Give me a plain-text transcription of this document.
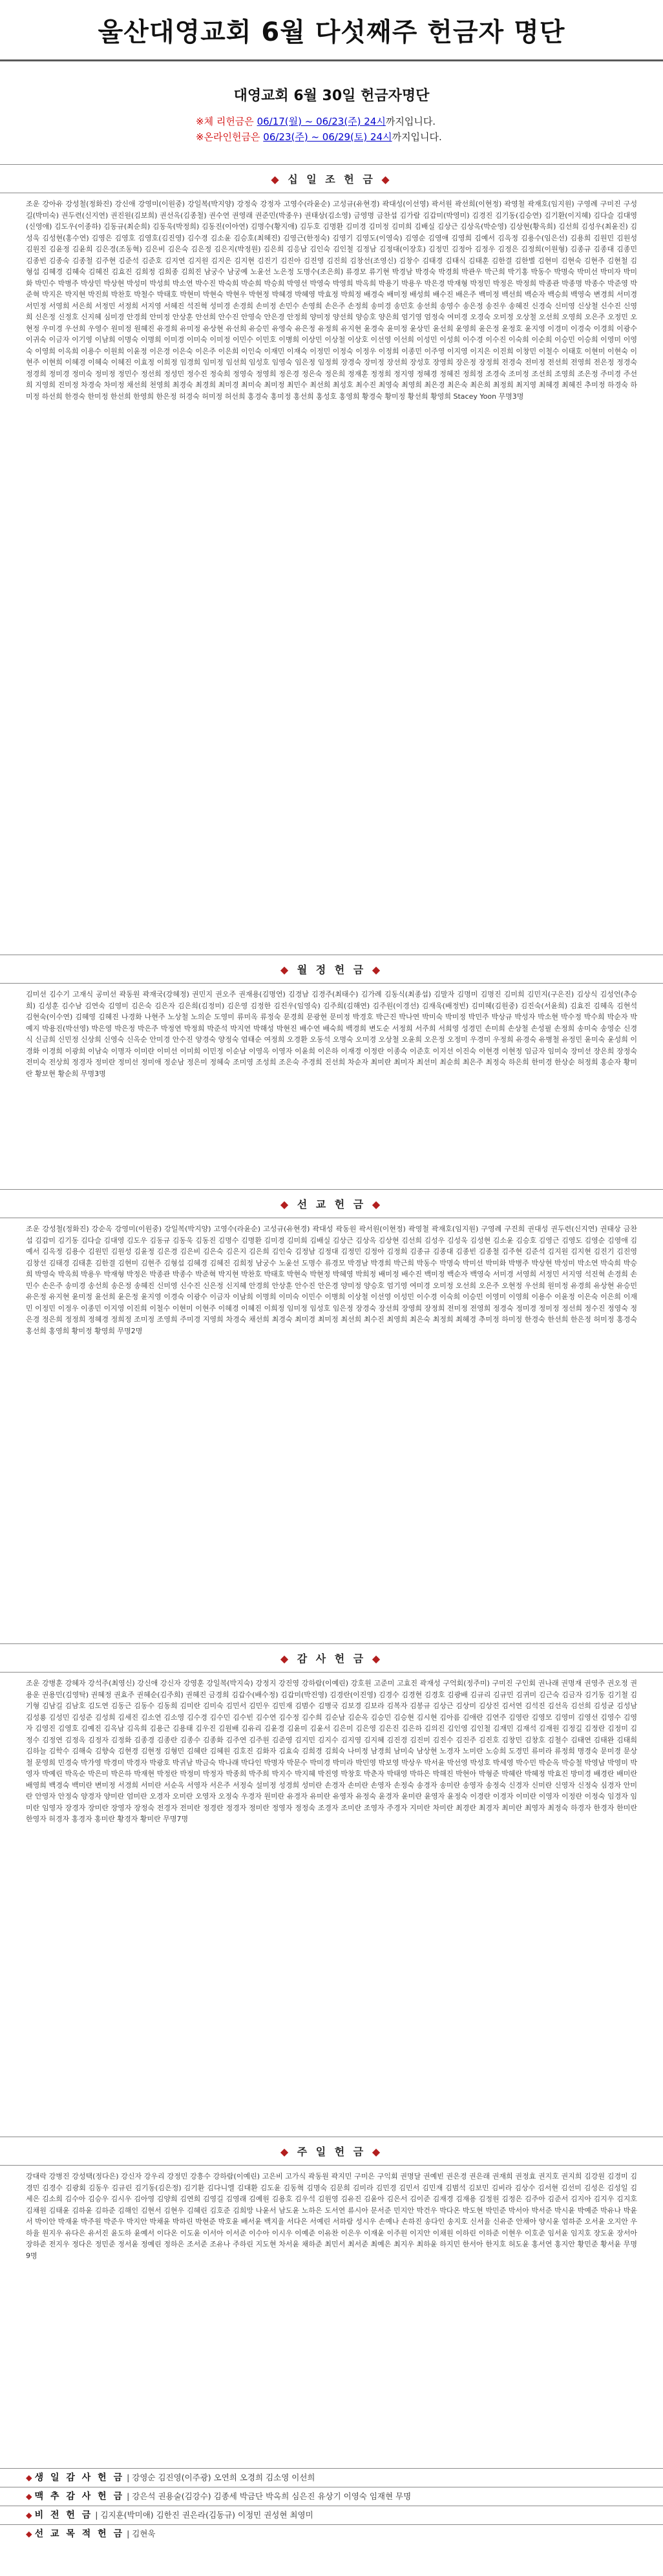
울산대영교회 6월 다섯째주 헌금자 명단
대영교회 6월 30일 헌금자명단
※체 리헌금은 06/17(월) ~ 06/23(주) 24시까지입니다.
※온라인헌금은 06/23(주) ~ 06/29(토) 24시까지입니다.
◆ 십 일 조 헌 금 ◆
조운 강아유 강성철(정화진) 강신애 강영미(이원중) 강일복(박지양) 강정숙 강정자 고영수(라윤순) 고성규(유현경) 곽대성(이선영) 곽서원 곽선희(이현정) 곽영철 곽재호(임지원) 구영례 구미진 구성길(박미숙) 권두련(신지연) 권진원(김보희) 권선옥(김종철) 권수연 권영래 권준민(박종우) 권태상(김소영) 금영명 금찬섭 김가람 김갑미(박영미) 김경진 김기동(김승연) 김기환(이지혜) 김다슬 김대영(신영애) 김도우(이종하) 김동규(최순희) 김동욱(박정희) 김동진(이아연) 김명수(황지애) 김두호 김명환 김미경 김미정 김미희 김배실 김상근 김상옥(박순영) 김상현(황옥희) 김선희 김성우(최윤진) 김성욱 김성현(홍수연) 김영은 김영호 김영호(김진영) 김수경 김소윤 김승호(최혜진) 김영근(한정숙) 김영기 김영도(이영숙) 김영순 김영애 김영희 김예서 김옥정 김용수(임은선) 김용희 김원민 김원성 김원진 김윤정 김윤희 김은경(조동혁) 김은비 김은숙 김은정 김은지(박정원) 김은희 김응남 김인숙 김인철 김정남 김정대(이장호) 김정민 김정아 김정우 김정은 김정희(이원형) 김종규 김종대 김종민 김종빈 김종숙 김종철 김주현 김준석 김준호 김지연 김지원 김지은 김지현 김진기 김진아 김진영 김진희 김창선(조영신) 김창수 김태경 김태식 김태훈 김한결 김한별 김현미 김현숙 김현주 김현철 김형섭 김혜경 김혜숙 김혜진 김효진 김희정 김희종 김희진 남궁수 남궁예 노윤선 노은정 도명수(조은희) 류경모 류기현 박경남 박경숙 박경희 박관우 박근희 박기홍 박동수 박명숙 박미선 박미자 박미화 박민수 박병주 박상민 박상현 박성미 박성희 박소연 박수진 박숙희 박순희 박승희 박영선 박영숙 박영희 박옥희 박용기 박용우 박은경 박재형 박정민 박정은 박정희 박종관 박종명 박종수 박준영 박준혁 박지은 박지현 박진희 박찬호 박철수 박태호 박현미 박현숙 박현우 박현정 박혜경 박혜영 박효정 박희정 배경숙 배미정 배성희 배수진 배은주 백미정 백선희 백순자 백승희 백영숙 변경희 서미경 서민정 서영희 서은희 서정민 서정희 서지영 서혜진 석진혁 성미경 손경희 손미정 손민수 손영희 손은주 손정희 송미경 송민호 송선희 송영수 송은정 송진우 송혜진 신경숙 신미영 신상철 신수진 신영희 신은정 신정호 신지혜 심미경 안경희 안미정 안상훈 안선희 안수진 안영숙 안은경 안정희 양미정 양선희 양승호 양은희 엄기영 엄정숙 여미경 오경숙 오미정 오상철 오선희 오영희 오은주 오정민 오현정 우미경 우선희 우영수 원미정 원혜진 유경희 유미정 유상현 유선희 유승민 유영숙 유은정 유정희 유지현 윤경숙 윤미정 윤상민 윤선희 윤영희 윤은정 윤정호 윤지영 이경미 이경숙 이경희 이광수 이귀숙 이금자 이기영 이남희 이명숙 이명희 이미경 이미숙 이미정 이민수 이민호 이병희 이상민 이상철 이상호 이선영 이선희 이성민 이성희 이수경 이수진 이숙희 이순희 이승민 이승희 이영미 이영숙 이영희 이옥희 이용수 이원희 이윤정 이은경 이은숙 이은주 이은희 이인숙 이재민 이재숙 이정민 이정숙 이정우 이정희 이종민 이주영 이지영 이지은 이진희 이창민 이철수 이태호 이현미 이현숙 이현주 이현희 이혜경 이혜숙 이혜진 이효정 이희정 임경희 임미정 임선희 임성호 임영숙 임은정 임정희 장경숙 장미정 장선희 장성호 장영희 장은정 장정희 전경숙 전미정 전선희 전영희 전은정 정경숙 정경희 정미경 정미숙 정미정 정민수 정선희 정성민 정수진 정숙희 정영숙 정영희 정은경 정은숙 정은희 정재훈 정정희 정지영 정혜경 정혜진 정희정 조경숙 조미정 조선희 조영희 조은정 주미경 주선희 지영희 진미정 차경숙 차미정 채선희 천영희 최경숙 최경희 최미경 최미숙 최미정 최민수 최선희 최성호 최수진 최영숙 최영희 최은경 최은숙 최은희 최정희 최지영 최혜경 최혜진 추미정 하경숙 하미정 하선희 한경숙 한미정 한선희 한영희 한은정 허경숙 허미정 허선희 홍경숙 홍미정 홍선희 홍성호 홍영희 황경숙 황미정 황선희 황영희 Stacey Yoon 무명3명
◆ 월 정 헌 금 ◆
김미선 김수기 고재식 공미선 곽동원 곽재국(강혜정) 권민지 권오주 권재용(김명연) 김경남 김경주(최태수) 김가례 김동식(최종섭) 김말자 김명미 김명진 김미희 김민지(구은진) 김상식 김성언(추승희) 김성훈 김수남 김연숙 김영미 김은숙 김은자 김은희(김정미) 김은영 김정한 김진우(임영숙) 김주희(김해연) 김주원(이경선) 김재욱(배정빈) 김미혜(김원중) 김진숙(서윤희) 김효진 김혜옥 김현석 김현숙(이수연) 김혜영 김혜진 나경화 나현주 노상철 노의순 도영미 류미옥 류정숙 문경희 문광현 문미정 박경호 박근진 박나연 박미숙 박미정 박민주 박상규 박성자 박소현 박수정 박수희 박순자 박예지 박용진(박선영) 박은영 박은정 박은주 박정연 박정희 박준석 박지연 박해성 박현진 배수연 배숙희 백경희 변도순 서정희 서주희 서희영 성경민 손미희 손상철 손성필 손정희 송미숙 송영순 신경식 신금희 신민정 신상희 신영숙 신옥순 안미경 안수진 양경숙 양정숙 엄태순 여정희 오경환 오동석 오명숙 오미경 오상철 오윤희 오은정 오정미 우경미 우정희 유경숙 유병철 유정민 윤미숙 윤성희 이경화 이경희 이광희 이남숙 이명자 이미란 이미선 이미희 이민정 이순남 이영옥 이영자 이윤희 이은하 이재경 이정란 이종숙 이준호 이지선 이진숙 이현경 이현정 임금자 임미숙 장미선 장은희 장정숙 전미숙 전상희 정경자 정미란 정미선 정미애 정순남 정은미 정혜숙 조미영 조성희 조은숙 주경희 진선희 차순자 최미란 최미자 최선미 최순희 최은주 최정숙 하은희 한미경 한상순 허정희 홍순자 황미란 황보현 황순희 무명3명
◆ 선 교 헌 금 ◆
조운 강성철(정화진) 강순옥 강영미(이원중) 강일복(박지양) 고영수(라윤순) 고성규(유현경) 곽대성 곽동원 곽서원(이현정) 곽영철 곽재호(임지원) 구영례 구진희 권대성 권두련(신지연) 권태상 금찬섭 김갑미 김기동 김다슬 김대영 김도우 김동규 김동욱 김동진 김명수 김명환 김미경 김미희 김배실 김상근 김상옥 김상현 김선희 김성우 김성욱 김성현 김소윤 김승호 김영근 김영도 김영순 김영애 김예서 김옥정 김용수 김원민 김원성 김윤정 김은경 김은비 김은숙 김은지 김은희 김인숙 김정남 김정대 김정민 김정아 김정희 김종규 김종대 김종빈 김종철 김주현 김준석 김지원 김지현 김진기 김진영 김창선 김태경 김태훈 김한결 김현미 김현주 김형섭 김혜경 김혜진 김희정 남궁수 노윤선 도명수 류경모 박경남 박경희 박근희 박동수 박명숙 박미선 박미화 박병주 박상현 박성미 박소연 박숙희 박승희 박영숙 박옥희 박용우 박재형 박정은 박종관 박종수 박준혁 박지현 박찬호 박태호 박현숙 박현정 박혜영 박희정 배미정 배수진 백미정 백순자 백영숙 서미경 서영희 서정민 서지영 석진혁 손경희 손민수 손은주 송미경 송선희 송은정 송혜진 신미영 신수진 신은정 신지혜 안경희 안상훈 안수진 안은경 양미정 양승호 엄기영 여미경 오미정 오선희 오은주 오현정 우선희 원미정 유경희 유상현 유승민 유은정 유지현 윤미정 윤선희 윤은정 윤지영 이경숙 이광수 이금자 이남희 이명희 이미숙 이민수 이병희 이상철 이선영 이성민 이수경 이숙희 이승민 이영미 이영희 이용수 이윤정 이은숙 이은희 이재민 이정민 이정우 이종민 이지영 이진희 이철수 이현미 이현주 이혜경 이혜진 이희정 임미정 임성호 임은정 장경숙 장선희 장영희 장정희 전미정 전영희 정경숙 정미경 정미정 정선희 정수진 정영숙 정은경 정은희 정정희 정혜경 정희정 조미정 조영희 주미경 지영희 차경숙 채선희 최경숙 최미경 최미정 최선희 최수진 최영희 최은숙 최정희 최혜경 추미정 하미정 한경숙 한선희 한은정 허미정 홍경숙 홍선희 홍영희 황미정 황영희 무명2명
◆ 감 사 헌 금 ◆
조운 강병훈 강혜자 강석주(최영신) 강신애 강신자 강영훈 강일복(박지숙) 강정지 강진영 강하람(이예린) 강호원 고준미 고효진 곽재성 구억회(정주미) 구미진 구인회 권나래 권명재 권영주 권오정 권용운 권용민(김영탁) 권혜정 권효주 권혜순(김주희) 권혜진 금경희 김갑수(배수정) 김갑미(박진영) 김경란(이진영) 김경수 김경현 김경호 김광배 김규리 김규민 김귀미 김근숙 김금자 김기동 김기철 김기형 김남길 김남호 김도연 김동근 김동수 김동희 김미란 김미숙 김민서 김민우 김민재 김범수 김병국 김보경 김보라 김복자 김봉규 김상근 김상미 김상진 김서연 김석진 김선옥 김선희 김성균 김성남 김성룡 김성민 김성준 김성희 김세진 김소연 김소영 김수경 김수민 김수빈 김수연 김수정 김수희 김순남 김순옥 김승민 김승현 김시현 김아름 김애란 김연주 김영란 김영모 김영미 김영선 김영수 김영자 김영진 김영호 김예진 김옥남 김옥희 김용근 김용태 김우진 김원배 김유리 김윤경 김윤미 김윤서 김은미 김은영 김은진 김은하 김의진 김인영 김인철 김재민 김재석 김재원 김정길 김정란 김정미 김정수 김정연 김정옥 김정자 김정화 김종경 김종란 김종수 김종화 김주연 김주원 김준영 김지민 김지수 김지영 김지혜 김진경 김진미 김진수 김진주 김진호 김창민 김창호 김철수 김태연 김태완 김태희 김하늘 김학수 김해숙 김향숙 김현경 김현정 김형민 김혜란 김혜원 김호진 김화자 김효숙 김희경 김희숙 나미정 남경희 남미숙 남상현 노경자 노미란 노승희 도경민 류미라 류정희 명경숙 문미경 문상철 문영희 민경숙 박가영 박경미 박경자 박광호 박귀남 박금숙 박나래 박다인 박명자 박문수 박미경 박미라 박민영 박보영 박상우 박서윤 박선영 박성호 박세영 박수민 박순옥 박승철 박영남 박영미 박영자 박예린 박옥순 박은미 박은하 박재현 박정란 박정미 박정자 박종희 박주희 박지수 박지혜 박진영 박창호 박춘자 박태영 박하은 박해진 박현아 박형준 박혜란 박혜정 박효진 방미경 배경란 배미란 배영희 백경숙 백미란 변미정 서경희 서미란 서순옥 서영자 서은주 서정숙 설미정 성경희 성미란 손경자 손미란 손영자 손정숙 송경자 송미란 송영자 송정숙 신경자 신미란 신영자 신정숙 심경자 안미란 안영자 안정숙 양경자 양미란 엄미란 오경자 오미란 오영자 오정숙 우경자 원미란 유경자 유미란 유영자 유정숙 윤경자 윤미란 윤영자 윤정숙 이경란 이경자 이미란 이영자 이정란 이정숙 임경자 임미란 임영자 장경자 장미란 장영자 장정숙 전경자 전미란 정경란 정경자 정미란 정영자 정정숙 조경자 조미란 조영자 주경자 지미란 차미란 최경란 최경자 최미란 최영자 최정숙 하경자 한경자 한미란 한영자 허경자 홍경자 홍미란 황경자 황미란 무명7명
◆ 주 일 헌 금 ◆
강대락 강병진 강성택(정다은) 강신자 강우리 강정민 강흥수 강하람(이예린) 고은비 고가식 곽동원 곽지민 구미은 구익회 권명달 권예빈 권은경 권은래 권재희 권정효 권지호 권지희 김강원 김경미 김경민 김경수 김광회 김동우 김규린 김기동(김은정) 김기환 김다니엘 김대환 김도윤 김동혁 김명숙 김문희 김미라 김민경 김민서 김민재 김범석 김보민 김비라 김상수 김서현 김선미 김성은 김성일 김세은 김소희 김수아 김승우 김시우 김아영 김양희 김연희 김영길 김영래 김예원 김용호 김우석 김원영 김유진 김윤아 김은서 김이준 김재경 김재용 김정원 김정은 김주아 김준서 김지아 김지우 김지호 김채원 김태윤 김하윤 김하준 김해인 김현서 김현우 김혜린 김호준 김희망 나윤서 남도윤 노하은 도서연 류시아 문서준 민지안 박건우 박다온 박도현 박민준 박서아 박서준 박시윤 박예준 박유나 박윤서 박이안 박재윤 박주원 박준우 박지안 박채윤 박하린 박현준 박호윤 배서윤 백지율 서다은 서예린 서하람 성시우 손예나 손하진 송다인 송지호 신서율 신유준 안채아 양시윤 엄하준 오서윤 오지안 우하율 원지우 유다은 유서진 윤도하 윤예서 이다온 이도윤 이서아 이서준 이수아 이시우 이예준 이유찬 이은우 이재윤 이주원 이지안 이채원 이하린 이하준 이현우 이호준 임서윤 임지호 장도윤 장서아 장하준 전지우 정다은 정민준 정서윤 정예린 정하은 조서준 조유나 주하린 지도현 차서윤 채하준 최민서 최서준 최예은 최지우 최하윤 하지민 한서아 한지호 허도윤 홍서연 홍지안 황민준 황서윤 무명9명
◆ 생 일 감 사 헌 금 | 강영순 김진영(이주광) 오연희 오경희 김소영 이선희
◆ 맥 추 감 사 헌 금 | 강은석 권용술(김강수) 김종세 박금단 박옥희 심은진 유상기 이영숙 임재현 무명
◆ 비 전 헌 금 | 김지훈(박미애) 김한진 권은라(김동규) 이정민 권성현 최영미
◆ 선 교 목 적 헌 금 | 김현욱
